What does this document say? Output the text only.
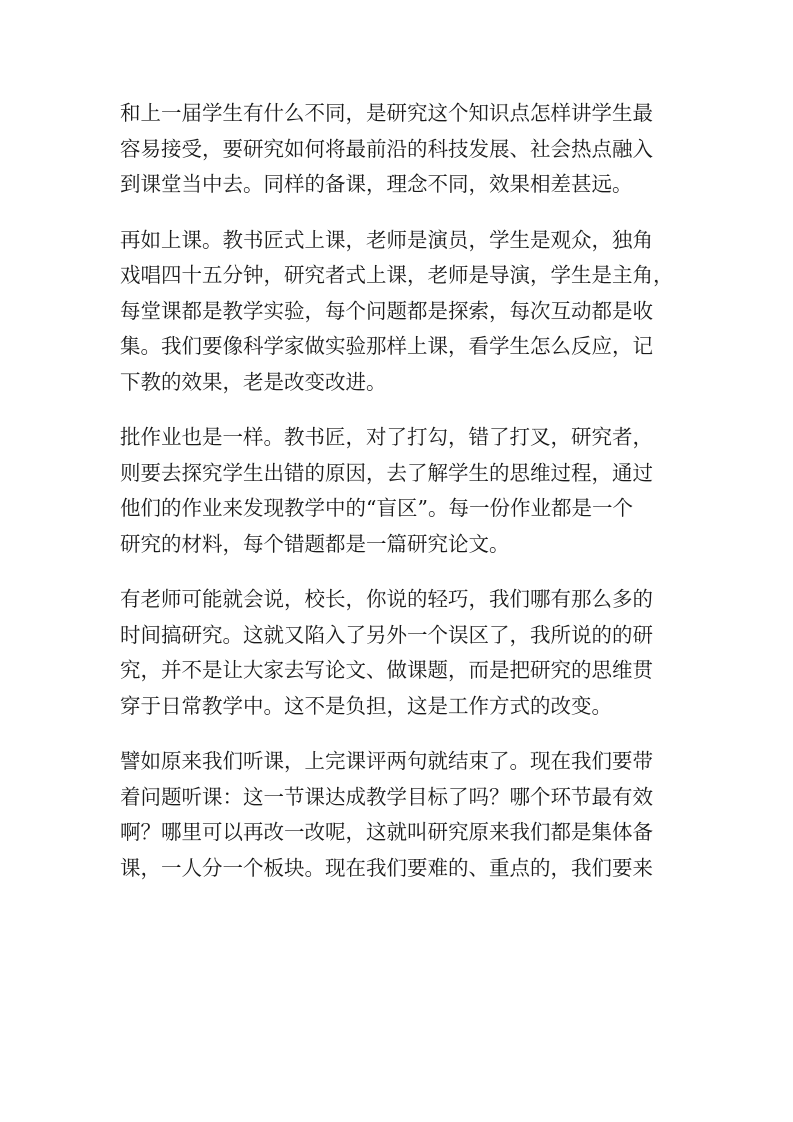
和上一届学生有什么不同，是研究这个知识点怎样讲学生最
容易接受，要研究如何将最前沿的科技发展、社会热点融入
到课堂当中去。同样的备课，理念不同，效果相差甚远。

再如上课。教书匠式上课，老师是演员，学生是观众，独角
戏唱四十五分钟，研究者式上课，老师是导演，学生是主角，
每堂课都是教学实验，每个问题都是探索，每次互动都是收
集。我们要像科学家做实验那样上课，看学生怎么反应，记
下教的效果，老是改变改进。

批作业也是一样。教书匠，对了打勾，错了打叉，研究者，
则要去探究学生出错的原因，去了解学生的思维过程，通过
他们的作业来发现教学中的“盲区”。每一份作业都是一个
研究的材料，每个错题都是一篇研究论文。

有老师可能就会说，校长，你说的轻巧，我们哪有那么多的
时间搞研究。这就又陷入了另外一个误区了，我所说的的研
究，并不是让大家去写论文、做课题，而是把研究的思维贯
穿于日常教学中。这不是负担，这是工作方式的改变。

譬如原来我们听课，上完课评两句就结束了。现在我们要带
着问题听课：这一节课达成教学目标了吗？哪个环节最有效
啊？哪里可以再改一改呢，这就叫研究原来我们都是集体备
课，一人分一个板块。现在我们要难的、重点的，我们要来
